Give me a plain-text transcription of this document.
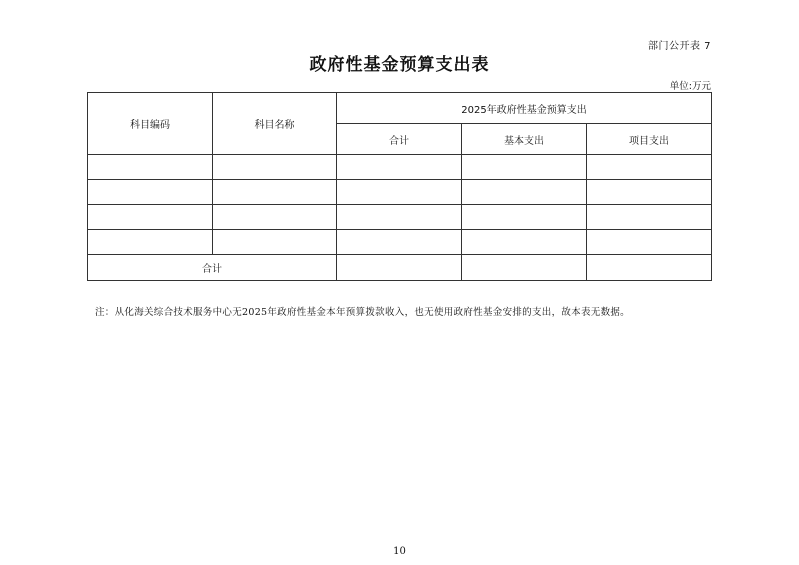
部门公开表 7
政府性基金预算支出表
单位:万元
科目编码	科目名称	2025年政府性基金预算支出		
		合计	基本支出	项目支出

合计				
注：从化海关综合技术服务中心无2025年政府性基金本年预算拨款收入，也无使用政府性基金安排的支出，故本表无数据。
10
